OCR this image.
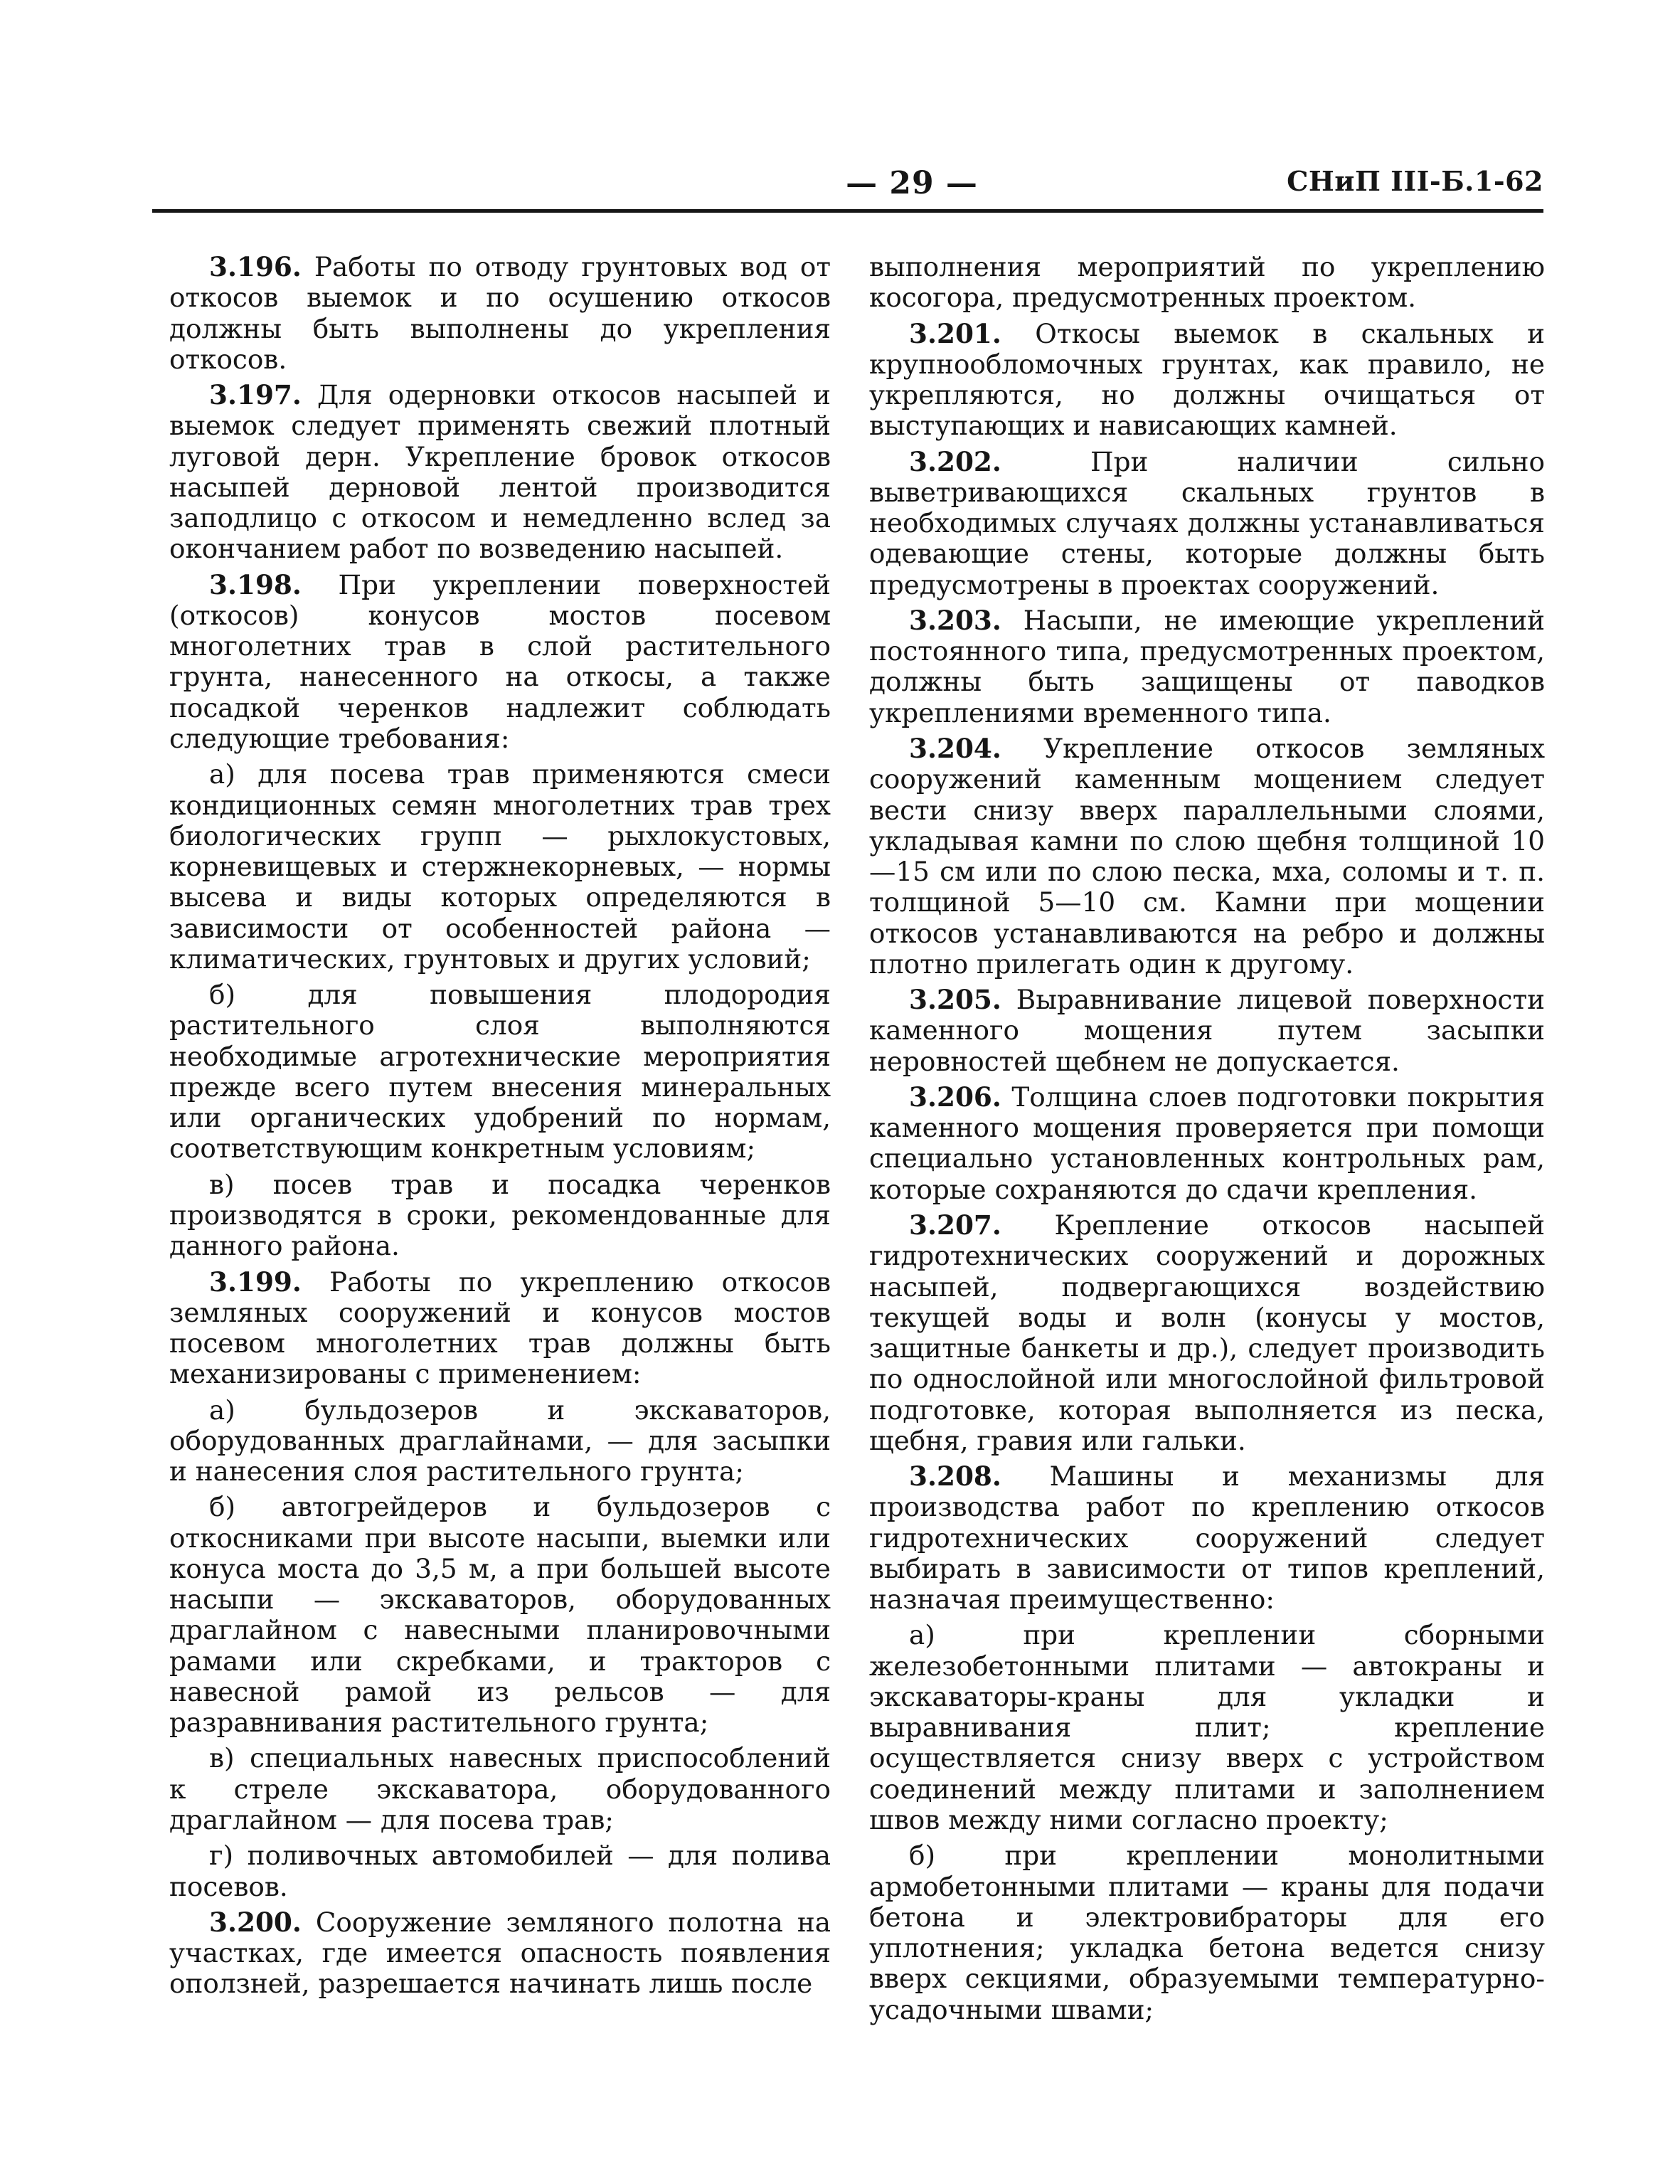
— 29 —	СНиП III-Б.1-62

3.196. Работы по отводу грунтовых вод от откосов выемок и по осушению откосов должны быть выполнены до укрепления откосов.

3.197. Для одерновки откосов насыпей и выемок следует применять свежий плотный луговой дерн. Укрепление бровок откосов насыпей дерновой лентой производится заподлицо с откосом и немедленно вслед за окончанием работ по возведению насыпей.

3.198. При укреплении поверхностей (откосов) конусов мостов посевом многолетних трав в слой растительного грунта, нанесенного на откосы, а также посадкой черенков надлежит соблюдать следующие требования:

а) для посева трав применяются смеси кондиционных семян многолетних трав трех биологических групп — рыхлокустовых, корневищевых и стержнекорневых, — нормы высева и виды которых определяются в зависимости от особенностей района — климатических, грунтовых и других условий;

б) для повышения плодородия растительного слоя выполняются необходимые агротехнические мероприятия прежде всего путем внесения минеральных или органических удобрений по нормам, соответствующим конкретным условиям;

в) посев трав и посадка черенков производятся в сроки, рекомендованные для данного района.

3.199. Работы по укреплению откосов земляных сооружений и конусов мостов посевом многолетних трав должны быть механизированы с применением:

а) бульдозеров и экскаваторов, оборудованных драглайнами, — для засыпки и нанесения слоя растительного грунта;

б) автогрейдеров и бульдозеров с откосниками при высоте насыпи, выемки или конуса моста до 3,5 м, а при большей высоте насыпи — экскаваторов, оборудованных драглайном с навесными планировочными рамами или скребками, и тракторов с навесной рамой из рельсов — для разравнивания растительного грунта;

в) специальных навесных приспособлений к стреле экскаватора, оборудованного драглайном — для посева трав;

г) поливочных автомобилей — для полива посевов.

3.200. Сооружение земляного полотна на участках, где имеется опасность появления оползней, разрешается начинать лишь после

выполнения мероприятий по укреплению косогора, предусмотренных проектом.

3.201. Откосы выемок в скальных и крупнообломочных грунтах, как правило, не укрепляются, но должны очищаться от выступающих и нависающих камней.

3.202.	При наличии сильно выветривающихся скальных грунтов в необходимых случаях должны устанавливаться одевающие стены, которые должны быть предусмотрены в проектах сооружений.

3.203. Насыпи, не имеющие укреплений постоянного типа, предусмотренных проектом, должны быть защищены от паводков укреплениями временного типа.

3.204. Укрепление откосов земляных сооружений каменным мощением следует вести снизу вверх параллельными слоями, укладывая камни по слою щебня толщиной 10—15 см или по слою песка, мха, соломы и т. п. толщиной 5—10 см. Камни при мощении откосов устанавливаются на ребро и должны плотно прилегать один к другому.

3.205. Выравнивание лицевой поверхности каменного мощения путем засыпки неровностей щебнем не допускается.

3.206. Толщина слоев подготовки покрытия каменного мощения проверяется при помощи специально установленных контрольных рам, которые сохраняются до сдачи крепления.

3.207. Крепление откосов насыпей гидротехнических сооружений и дорожных насыпей, подвергающихся воздействию текущей воды и волн (конусы у мостов, защитные банкеты и др.), следует производить по однослойной или многослойной фильтровой подготовке, которая выполняется из песка, щебня, гравия или гальки.

3.208. Машины и механизмы для производства работ по креплению откосов гидротехнических сооружений следует выбирать в зависимости от типов креплений, назначая преимущественно:

а) при креплении сборными железобетонными плитами — автокраны и экскаваторы-краны для укладки и выравнивания плит; крепление осуществляется снизу вверх с устройством соединений между плитами и заполнением швов между ними согласно проекту;

б) при креплении монолитными армобетонными плитами — краны для подачи бетона и электровибраторы для его уплотнения; укладка бетона ведется снизу вверх секциями, образуемыми температурно-усадочными швами;
